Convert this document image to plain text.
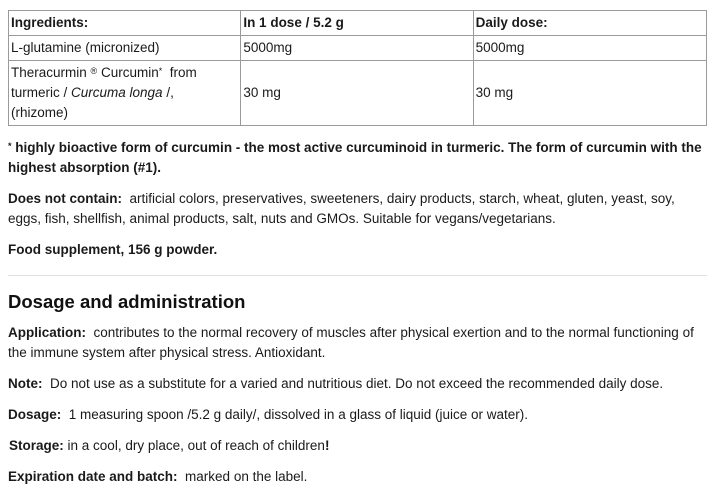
Ingredients:	In 1 dose / 5.2 g	Daily dose:
L-glutamine (micronized)	5000mg	5000mg
Theracurmin ® Curcumin* from
turmeric / Curcuma longa /,
(rhizome)	30 mg	30 mg

* highly bioactive form of curcumin - the most active curcuminoid in turmeric. The form of curcumin with the highest absorption (#1).

Does not contain: artificial colors, preservatives, sweeteners, dairy products, starch, wheat, gluten, yeast, soy, eggs, fish, shellfish, animal products, salt, nuts and GMOs. Suitable for vegans/vegetarians.

Food supplement, 156 g powder.

Dosage and administration

Application: contributes to the normal recovery of muscles after physical exertion and to the normal functioning of the immune system after physical stress. Antioxidant.

Note: Do not use as a substitute for a varied and nutritious diet. Do not exceed the recommended daily dose.

Dosage: 1 measuring spoon /5.2 g daily/, dissolved in a glass of liquid (juice or water).

Storage: in a cool, dry place, out of reach of children!

Expiration date and batch: marked on the label.
